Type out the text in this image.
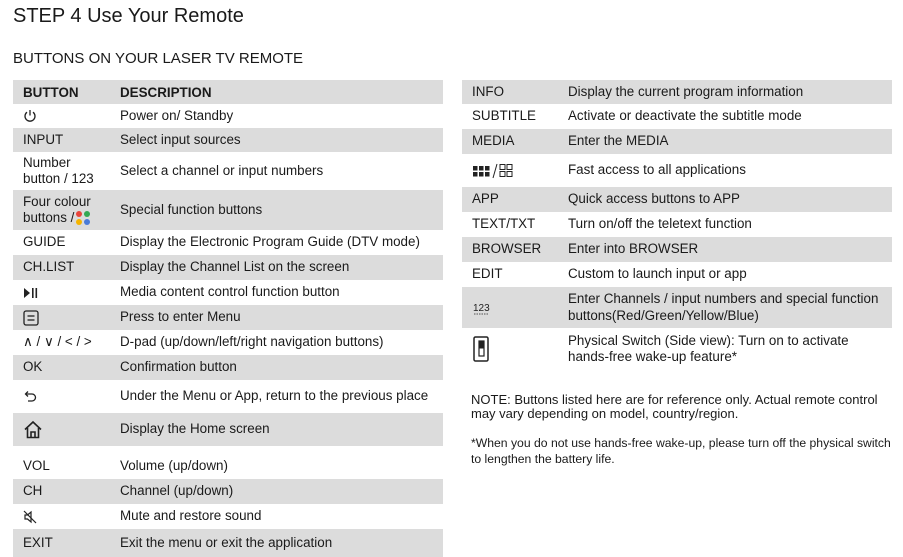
STEP 4 Use Your Remote
BUTTONS ON YOUR LASER TV REMOTE
BUTTON	DESCRIPTION
	Power on/ Standby
INPUT	Select input sources
Number button / 123	Select a channel or input numbers
Four colour buttons /	Special function buttons
GUIDE	Display the Electronic Program Guide (DTV mode)
CH.LIST	Display the Channel List on the screen
	Media content control function button
	Press to enter Menu
∧ / ∨ / < / >	D-pad (up/down/left/right navigation buttons)
OK	Confirmation button
	Under the Menu or App, return to the previous place
	Display the Home screen
VOL	Volume (up/down)
CH	Channel (up/down)
	Mute and restore sound
EXIT	Exit the menu or exit the application
INFO	Display the current program information
SUBTITLE	Activate or deactivate the subtitle mode
MEDIA	Enter the MEDIA
	Fast access to all applications
APP	Quick access buttons to APP
TEXT/TXT	Turn on/off the teletext function
BROWSER	Enter into BROWSER
EDIT	Custom to launch input or app

123	Enter Channels / input numbers and special function buttons(Red/Green/Yellow/Blue)
	Physical Switch (Side view): Turn on to activate hands-free wake-up feature*
NOTE: Buttons listed here are for reference only. Actual remote control may vary depending on model, country/region.
*When you do not use hands-free wake-up, please turn off the physical switch to lengthen the battery life.
